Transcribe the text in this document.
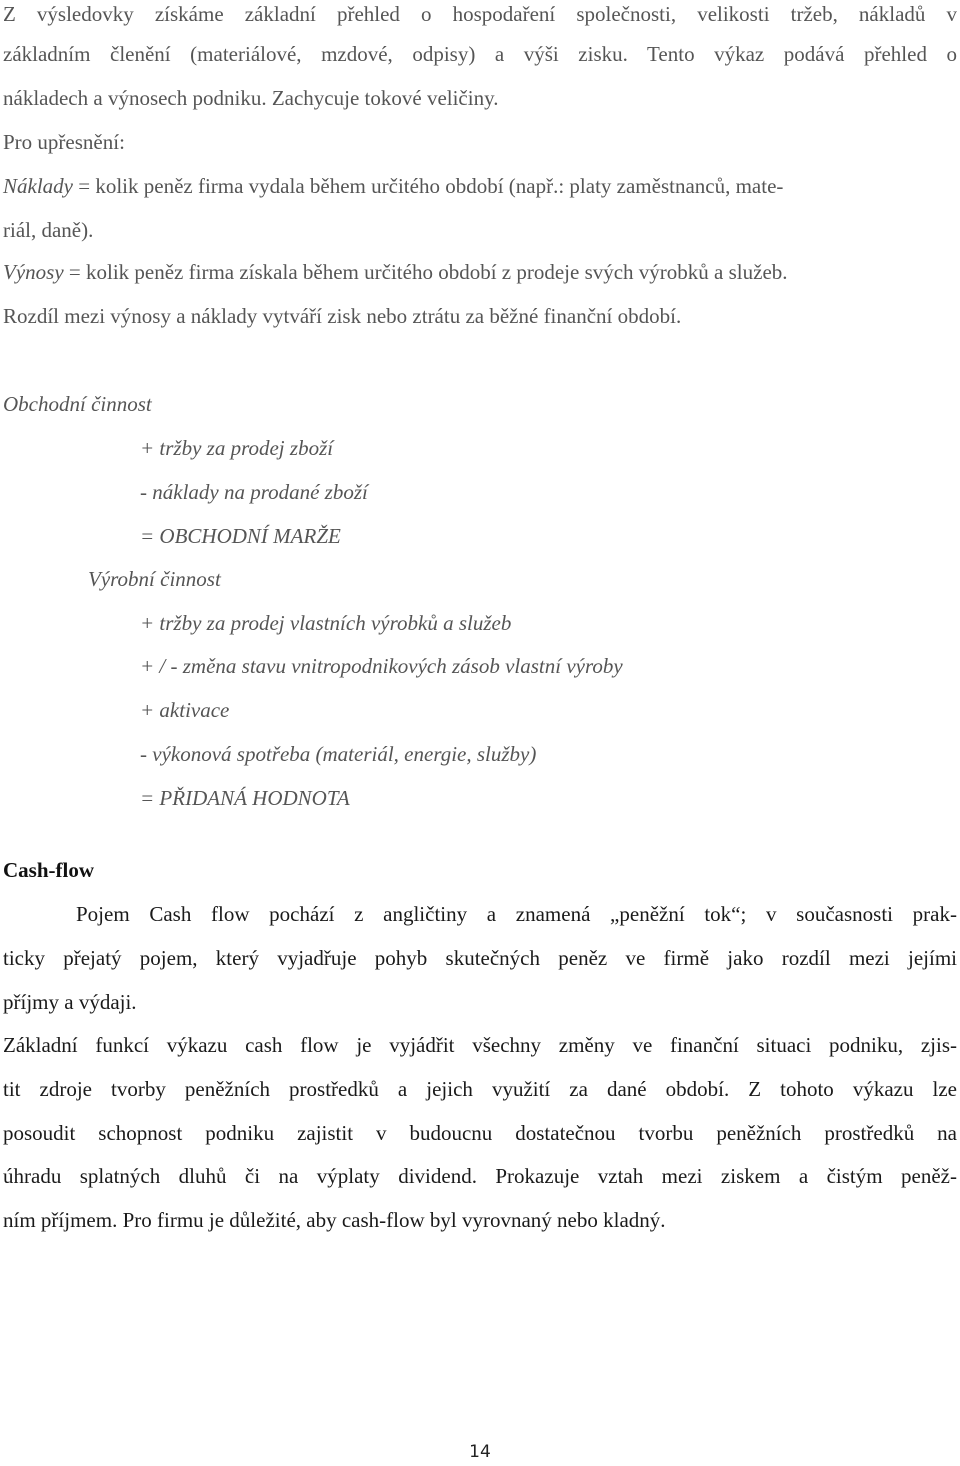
Z výsledovky získáme základní přehled o hospodaření společnosti, velikosti tržeb, nákladů v
základním členění (materiálové, mzdové, odpisy) a výši zisku. Tento výkaz podává přehled o
nákladech a výnosech podniku. Zachycuje tokové veličiny.
Pro upřesnění:
Náklady = kolik peněz firma vydala během určitého období (např.: platy zaměstnanců, mate-
riál, daně).
Výnosy = kolik peněz firma získala během určitého období z prodeje svých výrobků a služeb.
Rozdíl mezi výnosy a náklady vytváří zisk nebo ztrátu za běžné finanční období.
Obchodní činnost
+ tržby za prodej zboží
- náklady na prodané zboží
= OBCHODNÍ MARŽE
Výrobní činnost
+ tržby za prodej vlastních výrobků a služeb
+ / - změna stavu vnitropodnikových zásob vlastní výroby
+ aktivace
- výkonová spotřeba (materiál, energie, služby)
= PŘIDANÁ HODNOTA
Cash-flow
Pojem Cash flow pochází z angličtiny a znamená „peněžní tok“; v současnosti prak-
ticky přejatý pojem, který vyjadřuje pohyb skutečných peněz ve firmě jako rozdíl mezi jejími
příjmy a výdaji.
Základní funkcí výkazu cash flow je vyjádřit všechny změny ve finanční situaci podniku, zjis-
tit zdroje tvorby peněžních prostředků a jejich využití za dané období. Z tohoto výkazu lze
posoudit schopnost podniku zajistit v budoucnu dostatečnou tvorbu peněžních prostředků na
úhradu splatných dluhů či na výplaty dividend. Prokazuje vztah mezi ziskem a čistým peněž-
ním příjmem. Pro firmu je důležité, aby cash-flow byl vyrovnaný nebo kladný.
14
